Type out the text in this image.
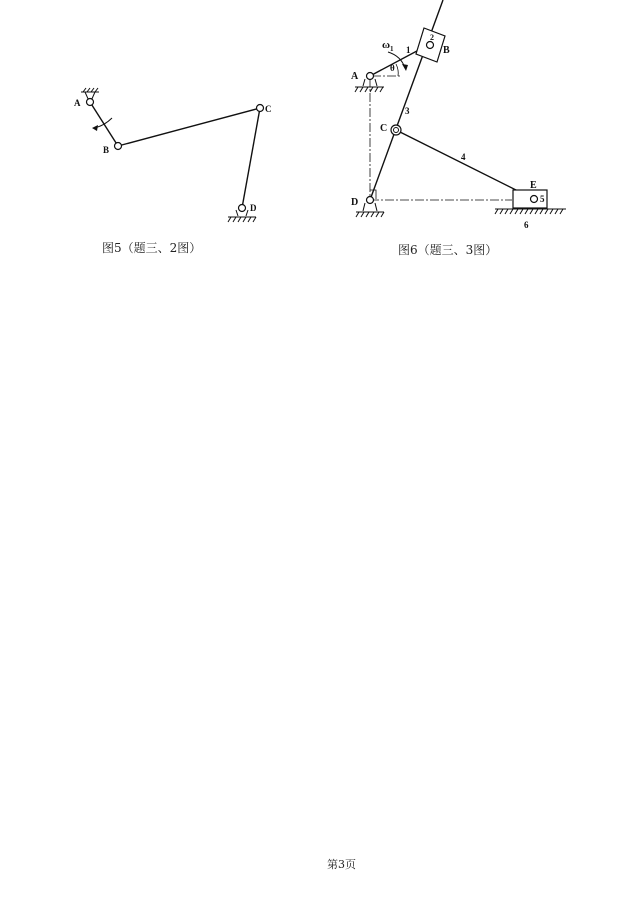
A
B
C
D
A
B
C
D
E
ω 1
θ
1
2
3
4
5
6
图5（题三、2图）	图6（题三、3图）
第3页
